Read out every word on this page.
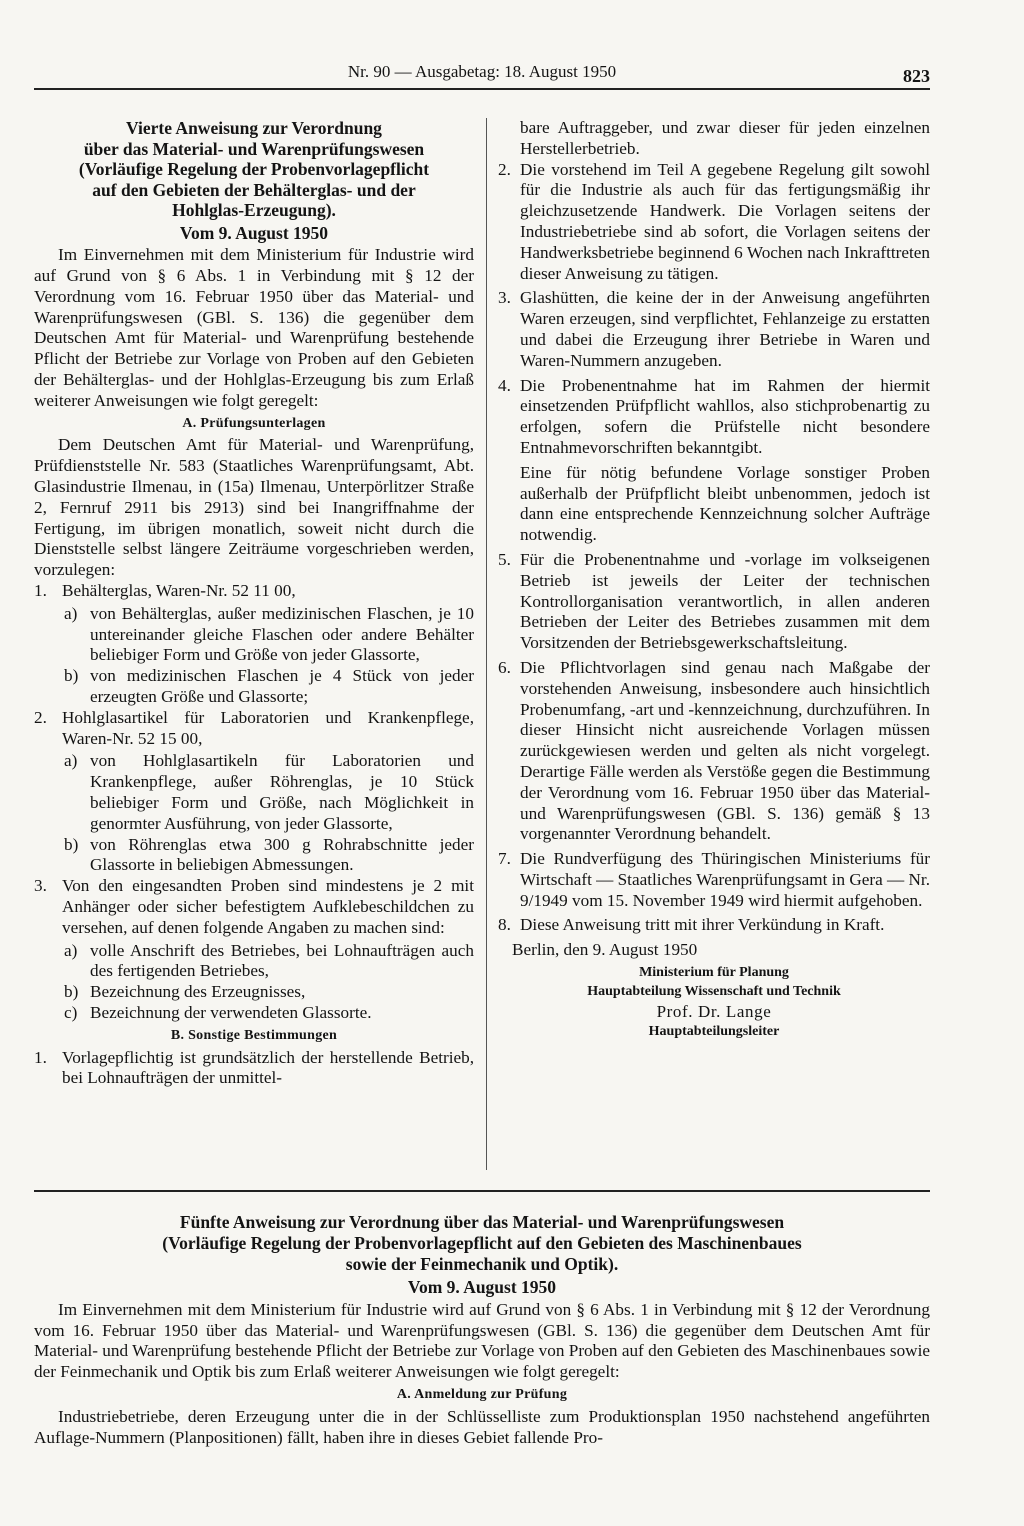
Nr. 90 — Ausgabetag: 18. August 1950	823
Vierte Anweisung zur Verordnung
über das Material- und Warenprüfungswesen
(Vorläufige Regelung der Probenvorlagepflicht
auf den Gebieten der Behälterglas- und der
Hohlglas-Erzeugung).
Vom 9. August 1950

Im Einvernehmen mit dem Ministerium für Industrie wird auf Grund von § 6 Abs. 1 in Verbindung mit § 12 der Verordnung vom 16. Februar 1950 über das Material- und Warenprüfungswesen (GBl. S. 136) die gegenüber dem Deutschen Amt für Material- und Warenprüfung bestehende Pflicht der Betriebe zur Vorlage von Proben auf den Gebieten der Behälterglas- und der Hohlglas-Erzeugung bis zum Erlaß weiterer Anweisungen wie folgt geregelt:

A. Prüfungsunterlagen

Dem Deutschen Amt für Material- und Warenprüfung, Prüfdienststelle Nr. 583 (Staatliches Warenprüfungsamt, Abt. Glasindustrie Ilmenau, in (15a) Ilmenau, Unterpörlitzer Straße 2, Fernruf 2911 bis 2913) sind bei Inangriffnahme der Fertigung, im übrigen monatlich, soweit nicht durch die Dienststelle selbst längere Zeiträume vorgeschrieben werden, vorzulegen:

1. Behälterglas, Waren-Nr. 52 11 00,
a) von Behälterglas, außer medizinischen Flaschen, je 10 untereinander gleiche Flaschen oder andere Behälter beliebiger Form und Größe von jeder Glassorte,
b) von medizinischen Flaschen je 4 Stück von jeder erzeugten Größe und Glassorte;
2. Hohlglasartikel für Laboratorien und Krankenpflege, Waren-Nr. 52 15 00,
a) von Hohlglasartikeln für Laboratorien und Krankenpflege, außer Röhrenglas, je 10 Stück beliebiger Form und Größe, nach Möglichkeit in genormter Ausführung, von jeder Glassorte,
b) von Röhrenglas etwa 300 g Rohrabschnitte jeder Glassorte in beliebigen Abmessungen.
3. Von den eingesandten Proben sind mindestens je 2 mit Anhänger oder sicher befestigtem Aufklebeschildchen zu versehen, auf denen folgende Angaben zu machen sind:
a) volle Anschrift des Betriebes, bei Lohnaufträgen auch des fertigenden Betriebes,
b) Bezeichnung des Erzeugnisses,
c) Bezeichnung der verwendeten Glassorte.
B. Sonstige Bestimmungen
1. Vorlagepflichtig ist grundsätzlich der herstellende Betrieb, bei Lohnaufträgen der unmittel-

bare Auftraggeber, und zwar dieser für jeden einzelnen Herstellerbetrieb.

2. Die vorstehend im Teil A gegebene Regelung gilt sowohl für die Industrie als auch für das fertigungsmäßig ihr gleichzusetzende Handwerk. Die Vorlagen seitens der Industriebetriebe sind ab sofort, die Vorlagen seitens der Handwerksbetriebe beginnend 6 Wochen nach Inkrafttreten dieser Anweisung zu tätigen.
3. Glashütten, die keine der in der Anweisung angeführten Waren erzeugen, sind verpflichtet, Fehlanzeige zu erstatten und dabei die Erzeugung ihrer Betriebe in Waren und Waren-Nummern anzugeben.
4. Die Probenentnahme hat im Rahmen der hiermit einsetzenden Prüfpflicht wahllos, also stichprobenartig zu erfolgen, sofern die Prüfstelle nicht besondere Entnahmevorschriften bekanntgibt.
Eine für nötig befundene Vorlage sonstiger Proben außerhalb der Prüfpflicht bleibt unbenommen, jedoch ist dann eine entsprechende Kennzeichnung solcher Aufträge notwendig.
5. Für die Probenentnahme und -vorlage im volkseigenen Betrieb ist jeweils der Leiter der technischen Kontrollorganisation verantwortlich, in allen anderen Betrieben der Leiter des Betriebes zusammen mit dem Vorsitzenden der Betriebsgewerkschaftsleitung.
6. Die Pflichtvorlagen sind genau nach Maßgabe der vorstehenden Anweisung, insbesondere auch hinsichtlich Probenumfang, -art und -kennzeichnung, durchzuführen. In dieser Hinsicht nicht ausreichende Vorlagen müssen zurückgewiesen werden und gelten als nicht vorgelegt. Derartige Fälle werden als Verstöße gegen die Bestimmung der Verordnung vom 16. Februar 1950 über das Material- und Warenprüfungswesen (GBl. S. 136) gemäß § 13 vorgenannter Verordnung behandelt.
7. Die Rundverfügung des Thüringischen Ministeriums für Wirtschaft — Staatliches Warenprüfungsamt in Gera — Nr. 9/1949 vom 15. November 1949 wird hiermit aufgehoben.
8. Diese Anweisung tritt mit ihrer Verkündung in Kraft.

Berlin, den 9. August 1950

Ministerium für Planung
Hauptabteilung Wissenschaft und Technik
Prof. Dr. Lange
Hauptabteilungsleiter
Fünfte Anweisung zur Verordnung über das Material- und Warenprüfungswesen
(Vorläufige Regelung der Probenvorlagepflicht auf den Gebieten des Maschinenbaues
sowie der Feinmechanik und Optik).
Vom 9. August 1950

Im Einvernehmen mit dem Ministerium für Industrie wird auf Grund von § 6 Abs. 1 in Verbindung mit § 12 der Verordnung vom 16. Februar 1950 über das Material- und Warenprüfungswesen (GBl. S. 136) die gegenüber dem Deutschen Amt für Material- und Warenprüfung bestehende Pflicht der Betriebe zur Vorlage von Proben auf den Gebieten des Maschinenbaues sowie der Feinmechanik und Optik bis zum Erlaß weiterer Anweisungen wie folgt geregelt:

A. Anmeldung zur Prüfung

Industriebetriebe, deren Erzeugung unter die in der Schlüsselliste zum Produktionsplan 1950 nachstehend angeführten Auflage-Nummern (Planpositionen) fällt, haben ihre in dieses Gebiet fallende Pro-
